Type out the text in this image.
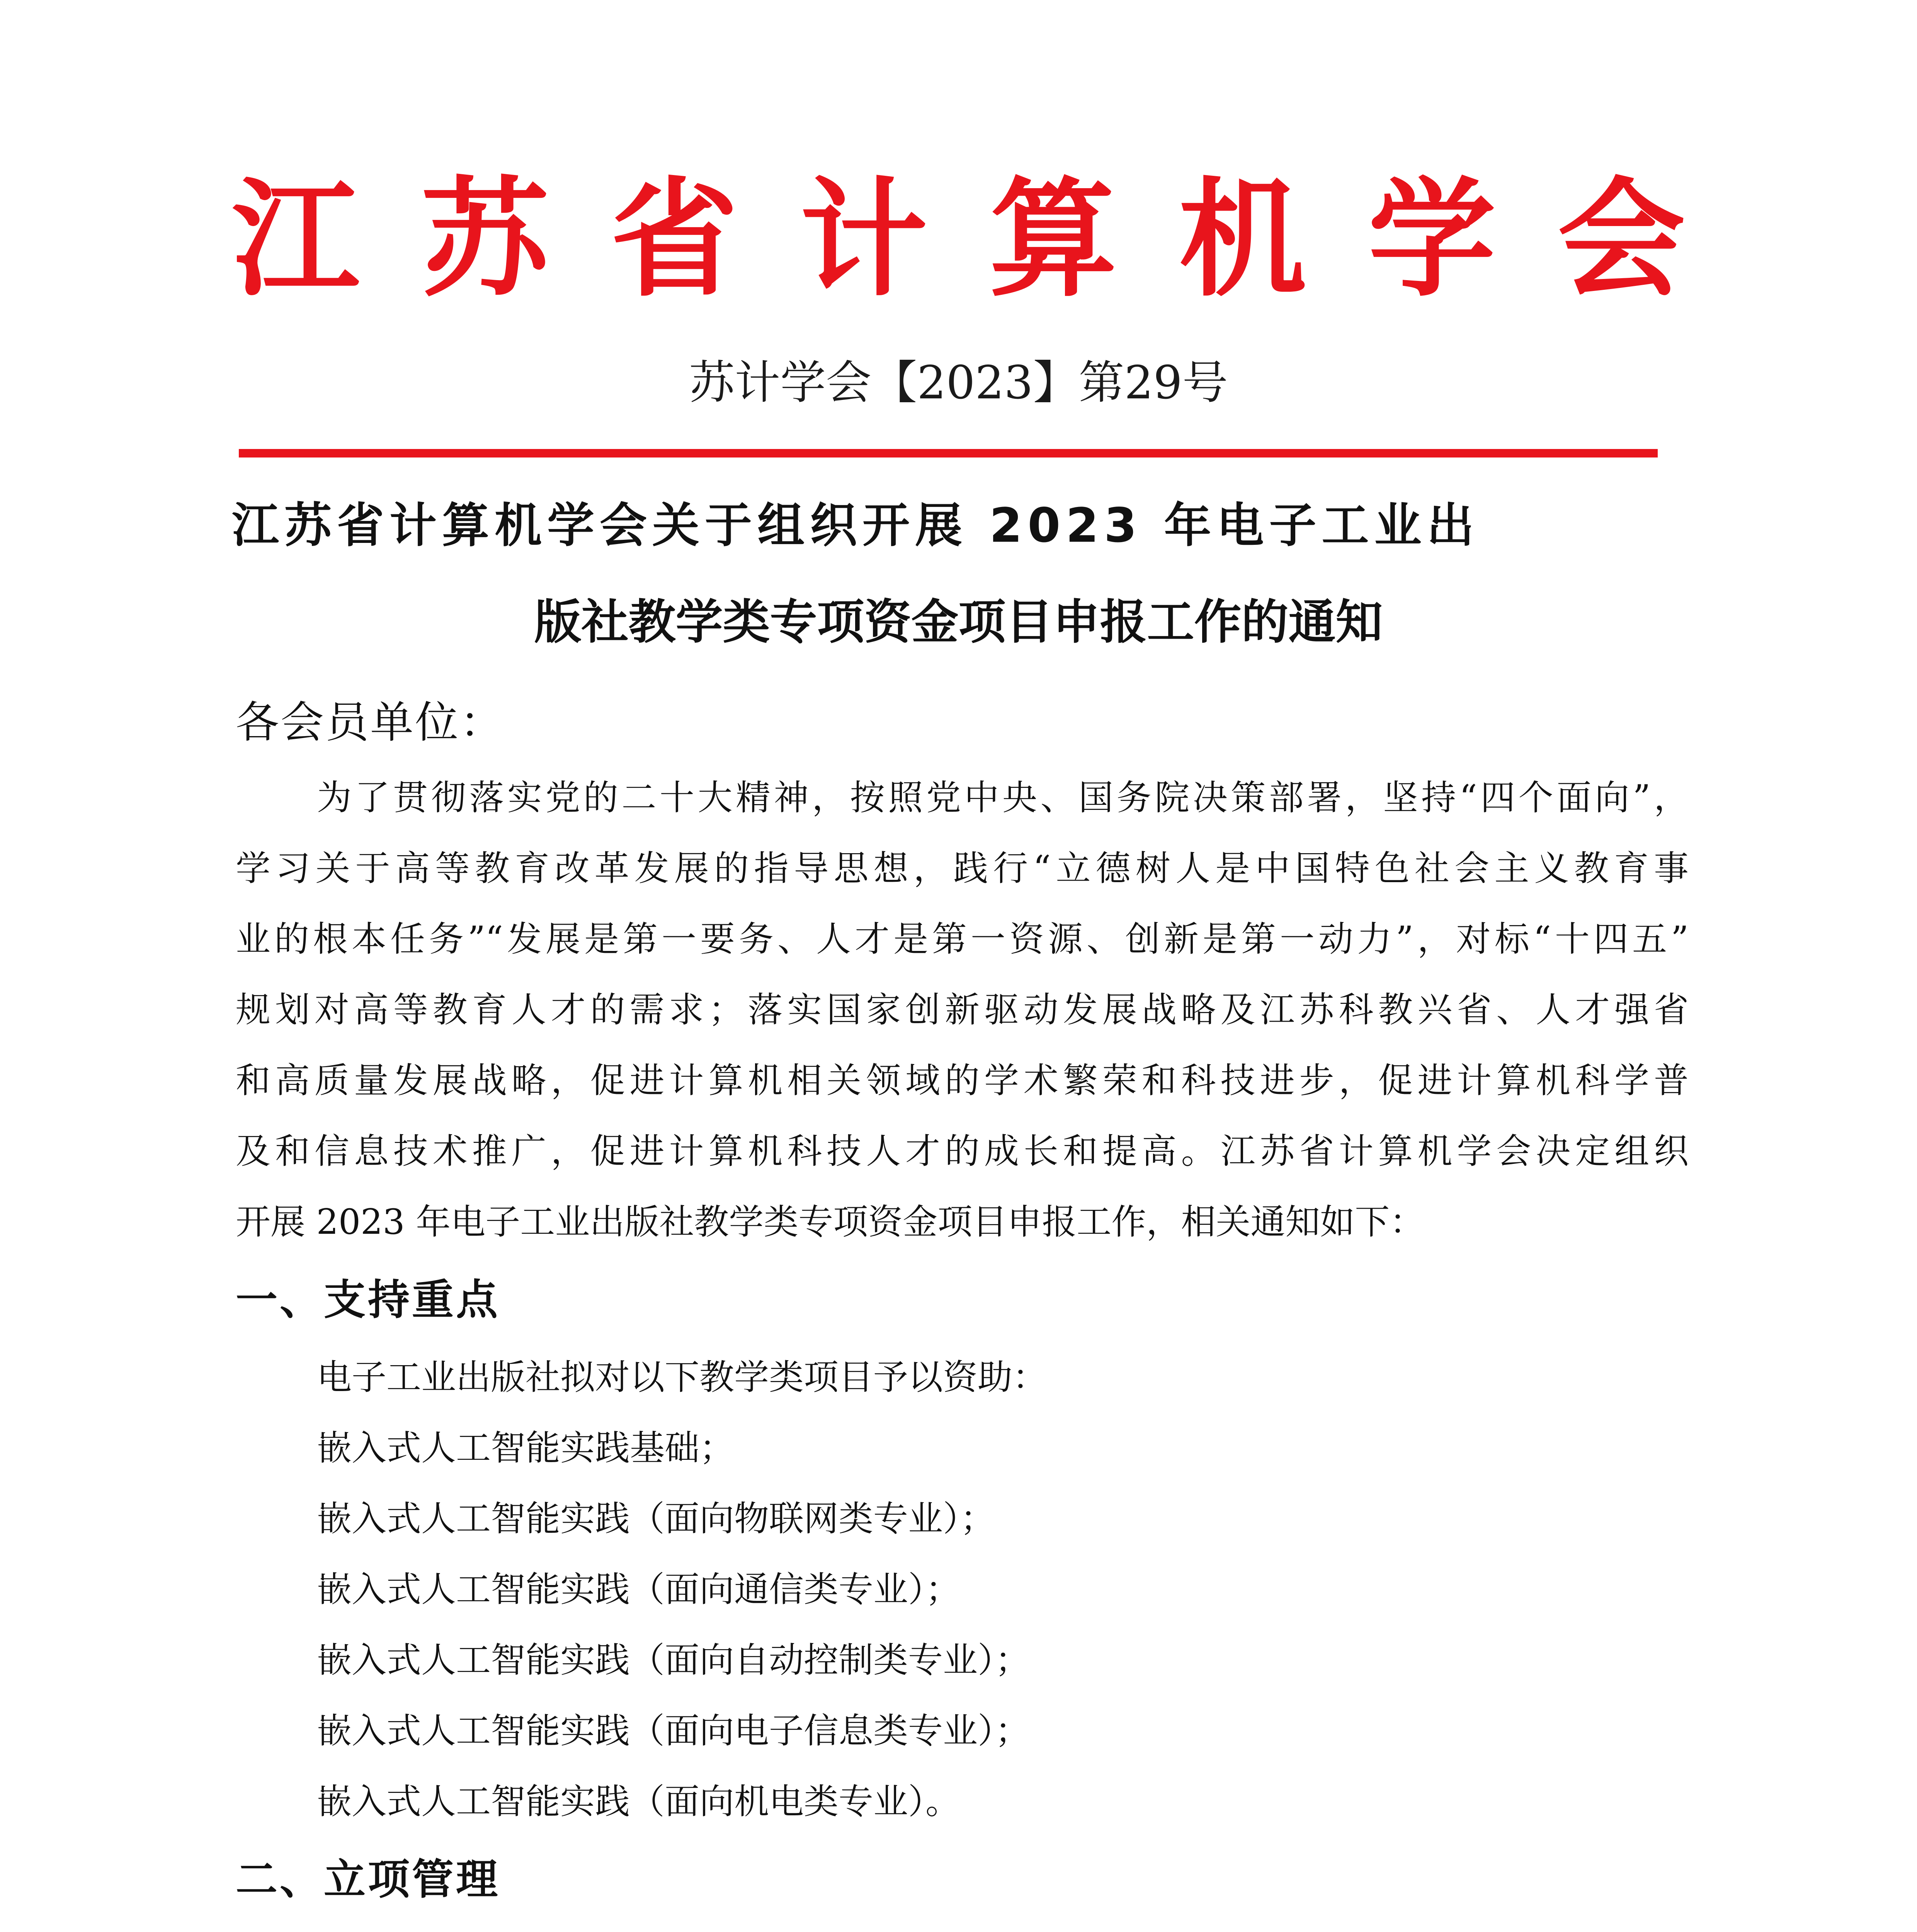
江 苏 省 计 算 机 学 会
苏计学会【2023】第29号
江苏省计算机学会关于组织开展 2023 年电子工业出
版社教学类专项资金项目申报工作的通知
各会员单位：
为了贯彻落实党的二十大精神，按照党中央、国务院决策部署，坚持“四个面向”，
学习关于高等教育改革发展的指导思想，践行“立德树人是中国特色社会主义教育事
业的根本任务”“发展是第一要务、人才是第一资源、创新是第一动力”，对标“十四五”
规划对高等教育人才的需求；落实国家创新驱动发展战略及江苏科教兴省、人才强省
和高质量发展战略，促进计算机相关领域的学术繁荣和科技进步，促进计算机科学普
及和信息技术推广，促进计算机科技人才的成长和提高。江苏省计算机学会决定组织
开展 2023 年电子工业出版社教学类专项资金项目申报工作，相关通知如下：
一、支持重点
电子工业出版社拟对以下教学类项目予以资助：
嵌入式人工智能实践基础；
嵌入式人工智能实践（面向物联网类专业）；
嵌入式人工智能实践（面向通信类专业）；
嵌入式人工智能实践（面向自动控制类专业）；
嵌入式人工智能实践（面向电子信息类专业）；
嵌入式人工智能实践（面向机电类专业）。
二、立项管理
